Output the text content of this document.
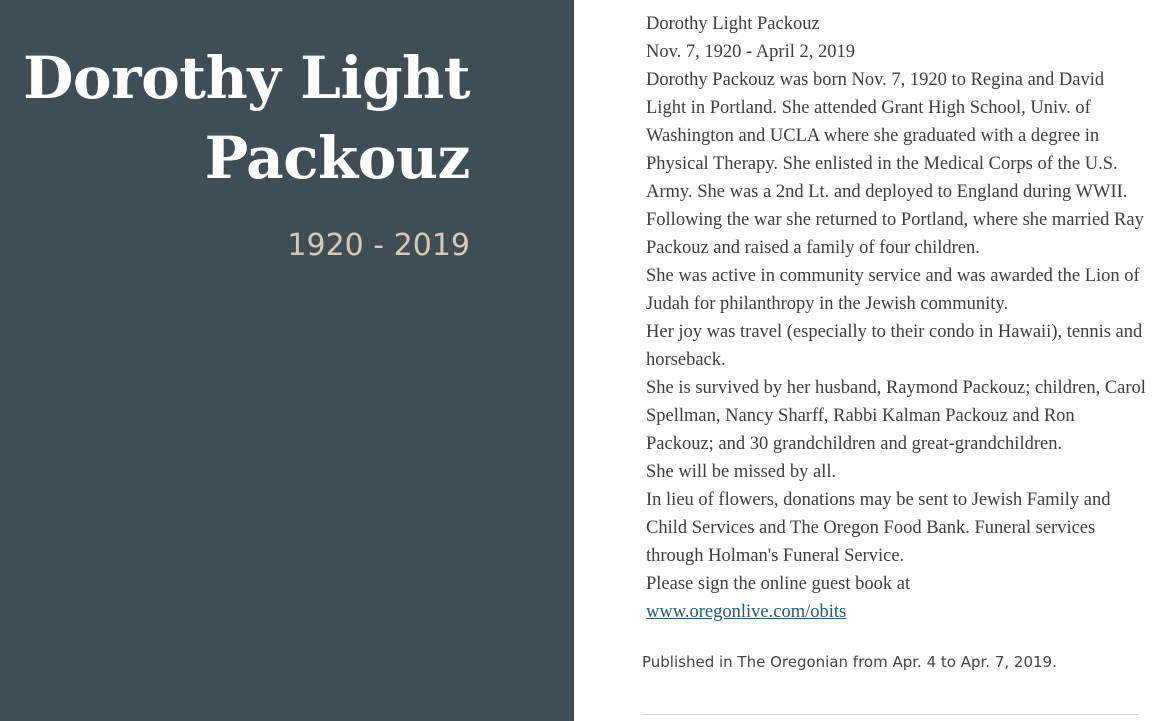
Dorothy Light
Packouz
1920 - 2019

Dorothy Light Packouz

Nov. 7, 1920 - April 2, 2019

Dorothy Packouz was born Nov. 7, 1920 to Regina and David Light in Portland. She attended Grant High School, Univ. of Washington and UCLA where she graduated with a degree in Physical Therapy. She enlisted in the Medical Corps of the U.S. Army. She was a 2nd Lt. and deployed to England during WWII. Following the war she returned to Portland, where she married Ray Packouz and raised a family of four children.

She was active in community service and was awarded the Lion of Judah for philanthropy in the Jewish community.

Her joy was travel (especially to their condo in Hawaii), tennis and horseback.

She is survived by her husband, Raymond Packouz; children, Carol Spellman, Nancy Sharff, Rabbi Kalman Packouz and Ron Packouz; and 30 grandchildren and great-grandchildren.

She will be missed by all.

In lieu of flowers, donations may be sent to Jewish Family and Child Services and The Oregon Food Bank. Funeral services through Holman's Funeral Service.

Please sign the online guest book at

www.oregonlive.com/obits

Published in The Oregonian from Apr. 4 to Apr. 7, 2019.
